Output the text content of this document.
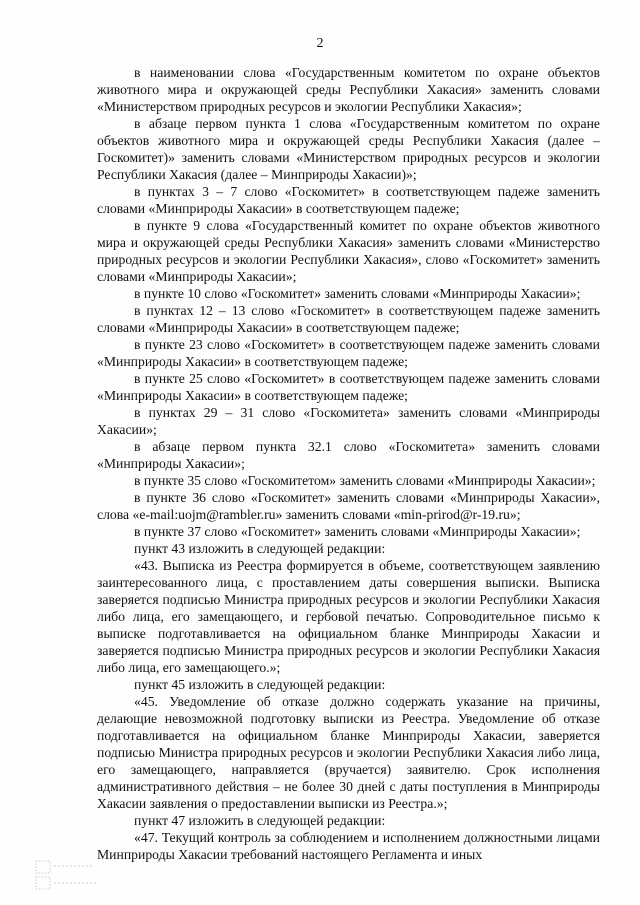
2

в наименовании слова «Государственным комитетом по охране объектов животного мира и окружающей среды Республики Хакасия» заменить словами «Министерством природных ресурсов и экологии Республики Хакасия»;

в абзаце первом пункта 1 слова «Государственным комитетом по охране объектов животного мира и окружающей среды Республики Хакасия (далее – Госкомитет)» заменить словами «Министерством природных ресурсов и экологии Республики Хакасия (далее – Минприроды Хакасии)»;

в пунктах 3 – 7 слово «Госкомитет» в соответствующем падеже заменить словами «Минприроды Хакасии» в соответствующем падеже;

в пункте 9 слова «Государственный комитет по охране объектов животного мира и окружающей среды Республики Хакасия» заменить словами «Министерство природных ресурсов и экологии Республики Хакасия», слово «Госкомитет» заменить словами «Минприроды Хакасии»;

в пункте 10 слово «Госкомитет» заменить словами «Минприроды Хакасии»;

в пунктах 12 – 13 слово «Госкомитет» в соответствующем падеже заменить словами «Минприроды Хакасии» в соответствующем падеже;

в пункте 23 слово «Госкомитет» в соответствующем падеже заменить словами «Минприроды Хакасии» в соответствующем падеже;

в пункте 25 слово «Госкомитет» в соответствующем падеже заменить словами «Минприроды Хакасии» в соответствующем падеже;

в пунктах 29 – 31 слово «Госкомитета» заменить словами «Минприроды Хакасии»;

в абзаце первом пункта 32.1 слово «Госкомитета» заменить словами «Минприроды Хакасии»;

в пункте 35 слово «Госкомитетом» заменить словами «Минприроды Хакасии»;

в пункте 36 слово «Госкомитет» заменить словами «Минприроды Хакасии», слова «e-mail:uojm@rambler.ru» заменить словами «min-prirod@r-19.ru»;

в пункте 37 слово «Госкомитет» заменить словами «Минприроды Хакасии»;

пункт 43 изложить в следующей редакции:

«43. Выписка из Реестра формируется в объеме, соответствующем заявлению заинтересованного лица, с проставлением даты совершения выписки. Выписка заверяется подписью Министра природных ресурсов и экологии Республики Хакасия либо лица, его замещающего, и гербовой печатью. Сопроводительное письмо к выписке подготавливается на официальном бланке Минприроды Хакасии и заверяется подписью Министра природных ресурсов и экологии Республики Хакасия либо лица, его замещающего.»;

пункт 45 изложить в следующей редакции:

«45. Уведомление об отказе должно содержать указание на причины, делающие невозможной подготовку выписки из Реестра. Уведомление об отказе подготавливается на официальном бланке Минприроды Хакасии, заверяется подписью Министра природных ресурсов и экологии Республики Хакасия либо лица, его замещающего, направляется (вручается) заявителю. Срок исполнения административного действия – не более 30 дней с даты поступления в Минприроды Хакасии заявления о предоставлении выписки из Реестра.»;

пункт 47 изложить в следующей редакции:

«47. Текущий контроль за соблюдением и исполнением должностными лицами Минприроды Хакасии требований настоящего Регламента и иных
